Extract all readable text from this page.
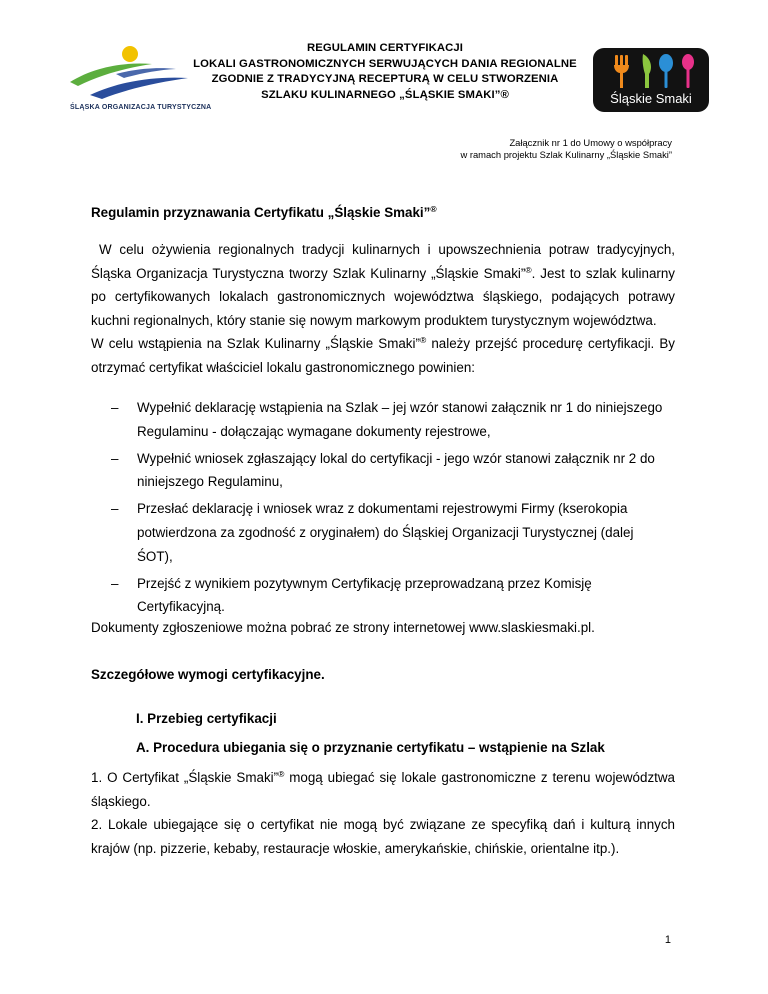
ŚLĄSKA ORGANIZACJA TURYSTYCZNA
REGULAMIN CERTYFIKACJI
LOKALI GASTRONOMICZNYCH SERWUJĄCYCH DANIA REGIONALNE
ZGODNIE Z TRADYCYJNĄ RECEPTURĄ W CELU STWORZENIA
SZLAKU KULINARNEGO „ŚLĄSKIE SMAKI”®	Śląskie Smaki
Załącznik nr 1 do Umowy o współpracy
w ramach projektu Szlak Kulinarny „Śląskie Smaki”
Regulamin przyznawania Certyfikatu „Śląskie Smaki”®

W celu ożywienia regionalnych tradycji kulinarnych i upowszechnienia potraw tradycyjnych, Śląska Organizacja Turystyczna tworzy Szlak Kulinarny „Śląskie Smaki”®. Jest to szlak kulinarny po certyfikowanych lokalach gastronomicznych województwa śląskiego, podających potrawy kuchni regionalnych, który stanie się nowym markowym produktem turystycznym województwa.

W celu wstąpienia na Szlak Kulinarny „Śląskie Smaki”® należy przejść procedurę certyfikacji. By otrzymać certyfikat właściciel lokalu gastronomicznego powinien:

– Wypełnić deklarację wstąpienia na Szlak – jej wzór stanowi załącznik nr 1 do niniejszego Regulaminu - dołączając wymagane dokumenty rejestrowe,
– Wypełnić wniosek zgłaszający lokal do certyfikacji - jego wzór stanowi załącznik nr 2 do niniejszego Regulaminu,
– Przesłać deklarację i wniosek wraz z dokumentami rejestrowymi Firmy (kserokopia potwierdzona za zgodność z oryginałem) do Śląskiej Organizacji Turystycznej (dalej ŚOT),
– Przejść z wynikiem pozytywnym Certyfikację przeprowadzaną przez Komisję Certyfikacyjną.
Dokumenty zgłoszeniowe można pobrać ze strony internetowej www.slaskiesmaki.pl.
Szczegółowe wymogi certyfikacyjne.
I. Przebieg certyfikacji
A. Procedura ubiegania się o przyznanie certyfikatu – wstąpienie na Szlak

1. O Certyfikat „Śląskie Smaki”® mogą ubiegać się lokale gastronomiczne z terenu województwa śląskiego.

2. Lokale ubiegające się o certyfikat nie mogą być związane ze specyfiką dań i kulturą innych krajów (np. pizzerie, kebaby, restauracje włoskie, amerykańskie, chińskie, orientalne itp.).

1
